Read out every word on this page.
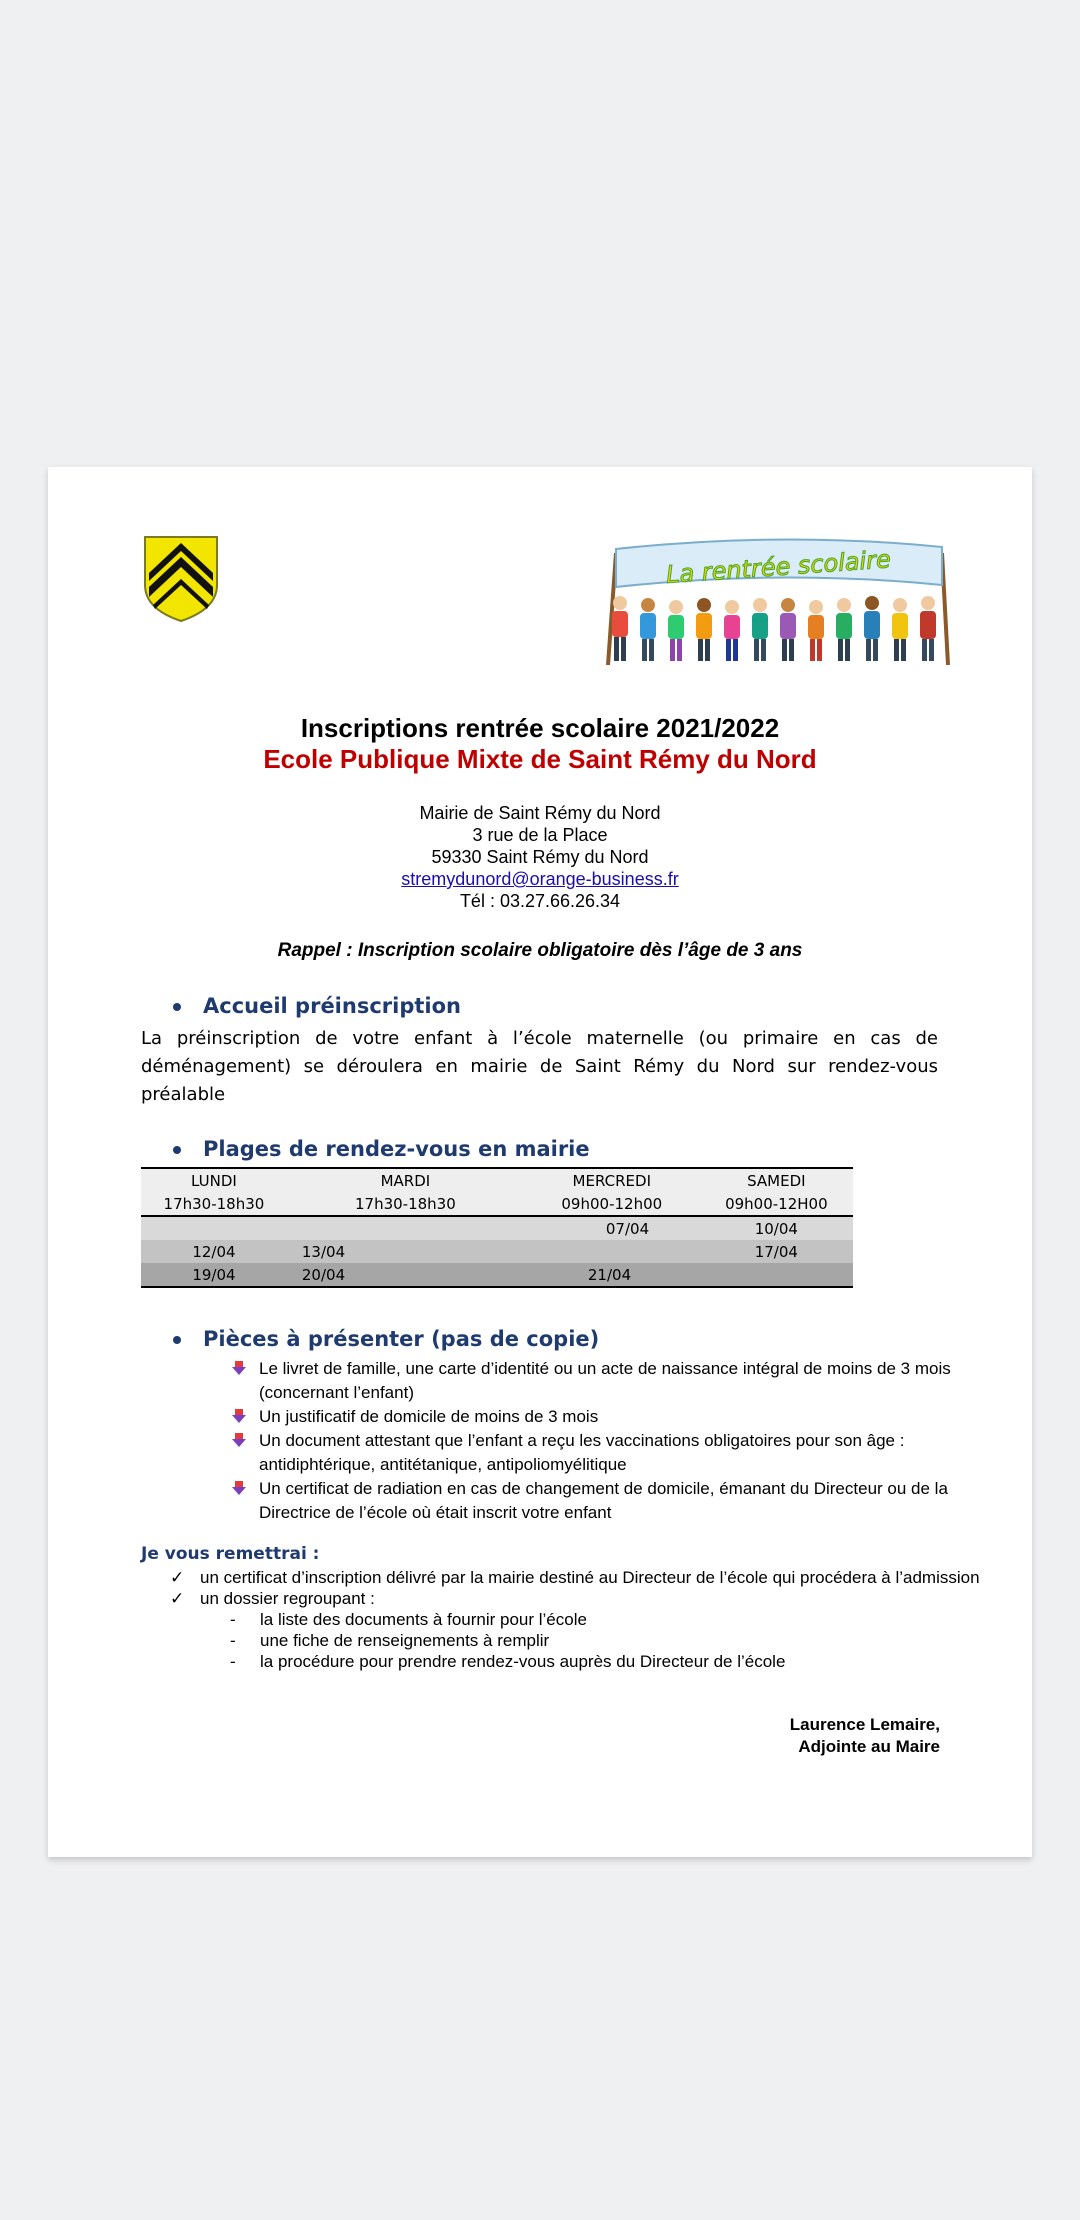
La rentrée scolaire
Inscriptions rentrée scolaire 2021/2022
Ecole Publique Mixte de Saint Rémy du Nord
Mairie de Saint Rémy du Nord
3 rue de la Place
59330 Saint Rémy du Nord
stremydunord@orange-business.fr
Tél : 03.27.66.26.34
Rappel : Inscription scolaire obligatoire dès l’âge de 3 ans
Accueil préinscription

La préinscription de votre enfant à l’école maternelle (ou primaire en cas de déménagement) se déroulera en mairie de Saint Rémy du Nord sur rendez-vous préalable

Plages de rendez-vous en mairie
LUNDI	MARDI	MERCREDI	SAMEDI
17h30-18h30	17h30-18h30	09h00-12h00	09h00-12H00
		07/04	10/04
12/04	13/04		17/04
19/04	20/04	21/04	
Pièces à présenter (pas de copie)
Le livret de famille, une carte d’identité ou un acte de naissance intégral de moins de 3 mois (concernant l’enfant)
Un justificatif de domicile de moins de 3 mois
Un document attestant que l’enfant a reçu les vaccinations obligatoires pour son âge : antidiphtérique, antitétanique, antipoliomyélitique
Un certificat de radiation en cas de changement de domicile, émanant du Directeur ou de la Directrice de l’école où était inscrit votre enfant
Je vous remettrai :
✓ un certificat d’inscription délivré par la mairie destiné au Directeur de l’école qui procédera à l’admission
✓ un dossier regroupant :
- la liste des documents à fournir pour l’école
- une fiche de renseignements à remplir
- la procédure pour prendre rendez-vous auprès du Directeur de l’école
Laurence Lemaire,
Adjointe au Maire
